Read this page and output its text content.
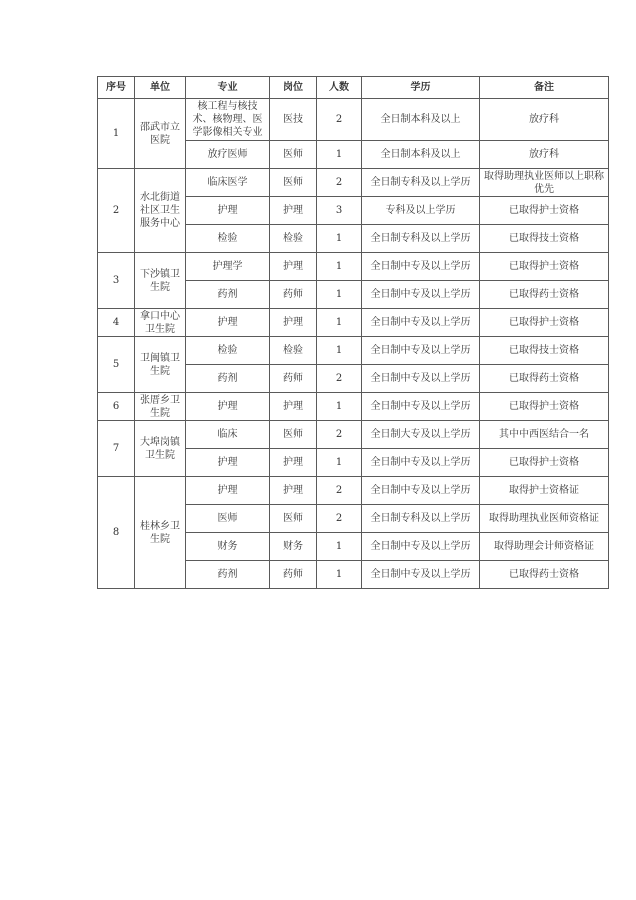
序号	单位	专业	岗位	人数	学历	备注
1	邵武市立医院	核工程与核技术、核物理、医学影像相关专业	医技	2	全日制本科及以上	放疗科
		放疗医师	医师	1	全日制本科及以上	放疗科
2	水北街道社区卫生服务中心	临床医学	医师	2	全日制专科及以上学历	取得助理执业医师以上职称优先
		护理	护理	3	专科及以上学历	已取得护士资格
		检验	检验	1	全日制专科及以上学历	已取得技士资格
3	下沙镇卫生院	护理学	护理	1	全日制中专及以上学历	已取得护士资格
		药剂	药师	1	全日制中专及以上学历	已取得药士资格
4	拿口中心卫生院	护理	护理	1	全日制中专及以上学历	已取得护士资格
5	卫闽镇卫生院	检验	检验	1	全日制中专及以上学历	已取得技士资格
		药剂	药师	2	全日制中专及以上学历	已取得药士资格
6	张厝乡卫生院	护理	护理	1	全日制中专及以上学历	已取得护士资格
7	大埠岗镇卫生院	临床	医师	2	全日制大专及以上学历	其中中西医结合一名
		护理	护理	1	全日制中专及以上学历	已取得护士资格
8	桂林乡卫生院	护理	护理	2	全日制中专及以上学历	取得护士资格证
		医师	医师	2	全日制专科及以上学历	取得助理执业医师资格证
		财务	财务	1	全日制中专及以上学历	取得助理会计师资格证
		药剂	药师	1	全日制中专及以上学历	已取得药士资格
